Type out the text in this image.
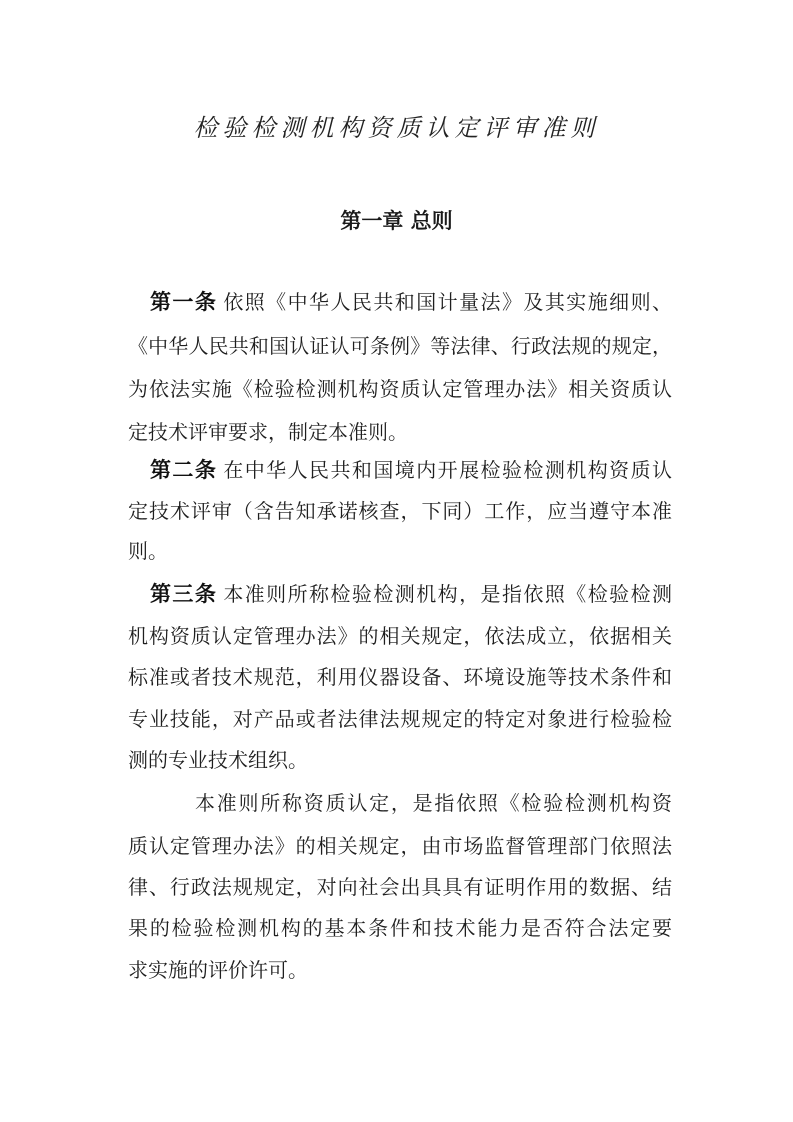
检验检测机构资质认定评审准则
第一章 总则
第一条 依照《中华人民共和国计量法》及其实施细则、
《中华人民共和国认证认可条例》等法律、行政法规的规定，
为依法实施《检验检测机构资质认定管理办法》相关资质认
定技术评审要求，制定本准则。
第二条 在中华人民共和国境内开展检验检测机构资质认
定技术评审（含告知承诺核查，下同）工作，应当遵守本准
则。
第三条 本准则所称检验检测机构，是指依照《检验检测
机构资质认定管理办法》的相关规定，依法成立，依据相关
标准或者技术规范，利用仪器设备、环境设施等技术条件和
专业技能，对产品或者法律法规规定的特定对象进行检验检
测的专业技术组织。
本准则所称资质认定，是指依照《检验检测机构资
质认定管理办法》的相关规定，由市场监督管理部门依照法
律、行政法规规定，对向社会出具具有证明作用的数据、结
果的检验检测机构的基本条件和技术能力是否符合法定要
求实施的评价许可。
